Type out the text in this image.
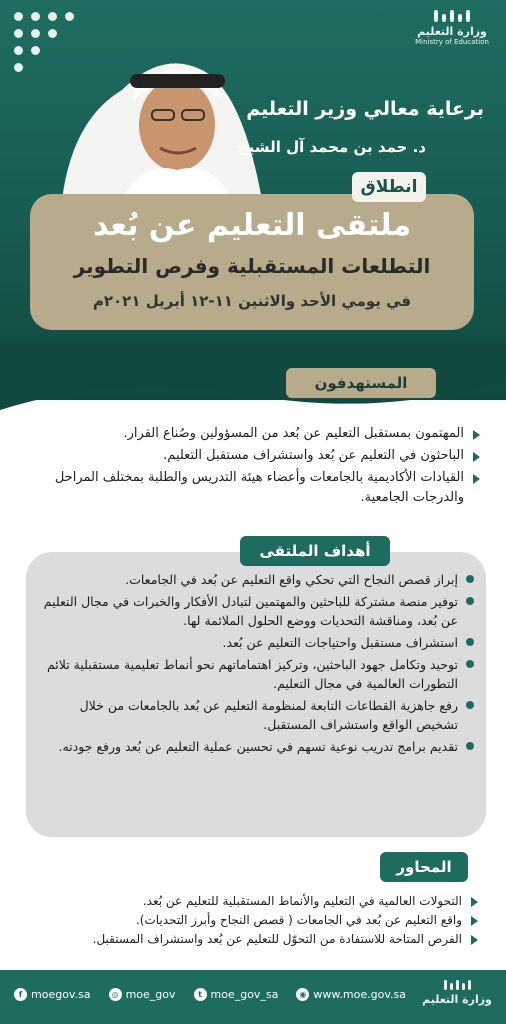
وزارة التعليم
Ministry of Education
برعاية معالي وزير التعليم
د. حمد بن محمد آل الشيخ
انطلاق
ملتقى التعليم عن بُعد
التطلعات المستقبلية وفرص التطوير
في يومي الأحد والاثنين ١١-١٢ أبريل ٢٠٢١م
المستهدفون
المهتمون بمستقبل التعليم عن بُعد من المسؤولين وصُناع القرار.
الباحثون في التعليم عن بُعد واستشراف مستقبل التعليم.
القيادات الأكاديمية بالجامعات وأعضاء هيئة التدريس والطلبة بمختلف المراحل والدرجات الجامعية.
أهداف الملتقى
إبراز قصص النجاح التي تحكي واقع التعليم عن بُعد في الجامعات.
توفير منصة مشتركة للباحثين والمهتمين لتبادل الأفكار والخبرات في مجال التعليم عن بُعد، ومناقشة التحديات ووضع الحلول الملائمة لها.
استشراف مستقبل واحتياجات التعليم عن بُعد.
توحيد وتكامل جهود الباحثين، وتركيز اهتماماتهم نحو أنماط تعليمية مستقبلية تلائم التطورات العالمية في مجال التعليم.
رفع جاهزية القطاعات التابعة لمنظومة التعليم عن بُعد بالجامعات من خلال تشخيص الواقع واستشراف المستقبل.
تقديم برامج تدريب نوعية تسهم في تحسين عملية التعليم عن بُعد ورفع جودته.
المحاور
التحولات العالمية في التعليم والأنماط المستقبلية للتعليم عن بُعد.
واقع التعليم عن بُعد في الجامعات ( قصص النجاح وأبرز التحديات).
الفرص المتاحة للاستفادة من التحوّل للتعليم عن بُعد واستشراف المستقبل.
f moegov.sa	◎ moe_gov	t moe_gov_sa	◉ www.moe.gov.sa وزارة التعليم
